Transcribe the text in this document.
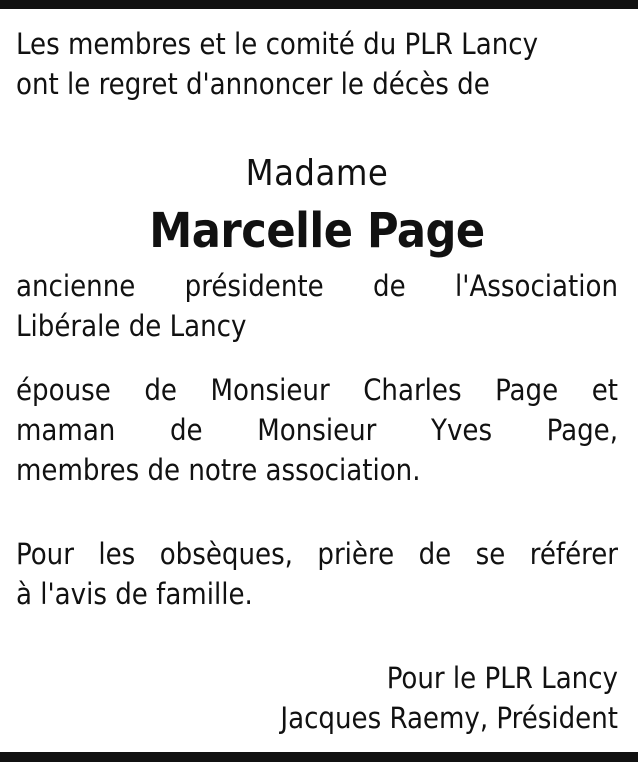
Les membres et le comité du PLR Lancy
ont le regret d'annoncer le décès de
Madame
Marcelle Page
ancienne présidente de l'Association
Libérale de Lancy
épouse de Monsieur Charles Page et
maman de Monsieur Yves Page,
membres de notre association.
Pour les obsèques, prière de se référer
à l'avis de famille.
Pour le PLR Lancy
Jacques Raemy, Président
